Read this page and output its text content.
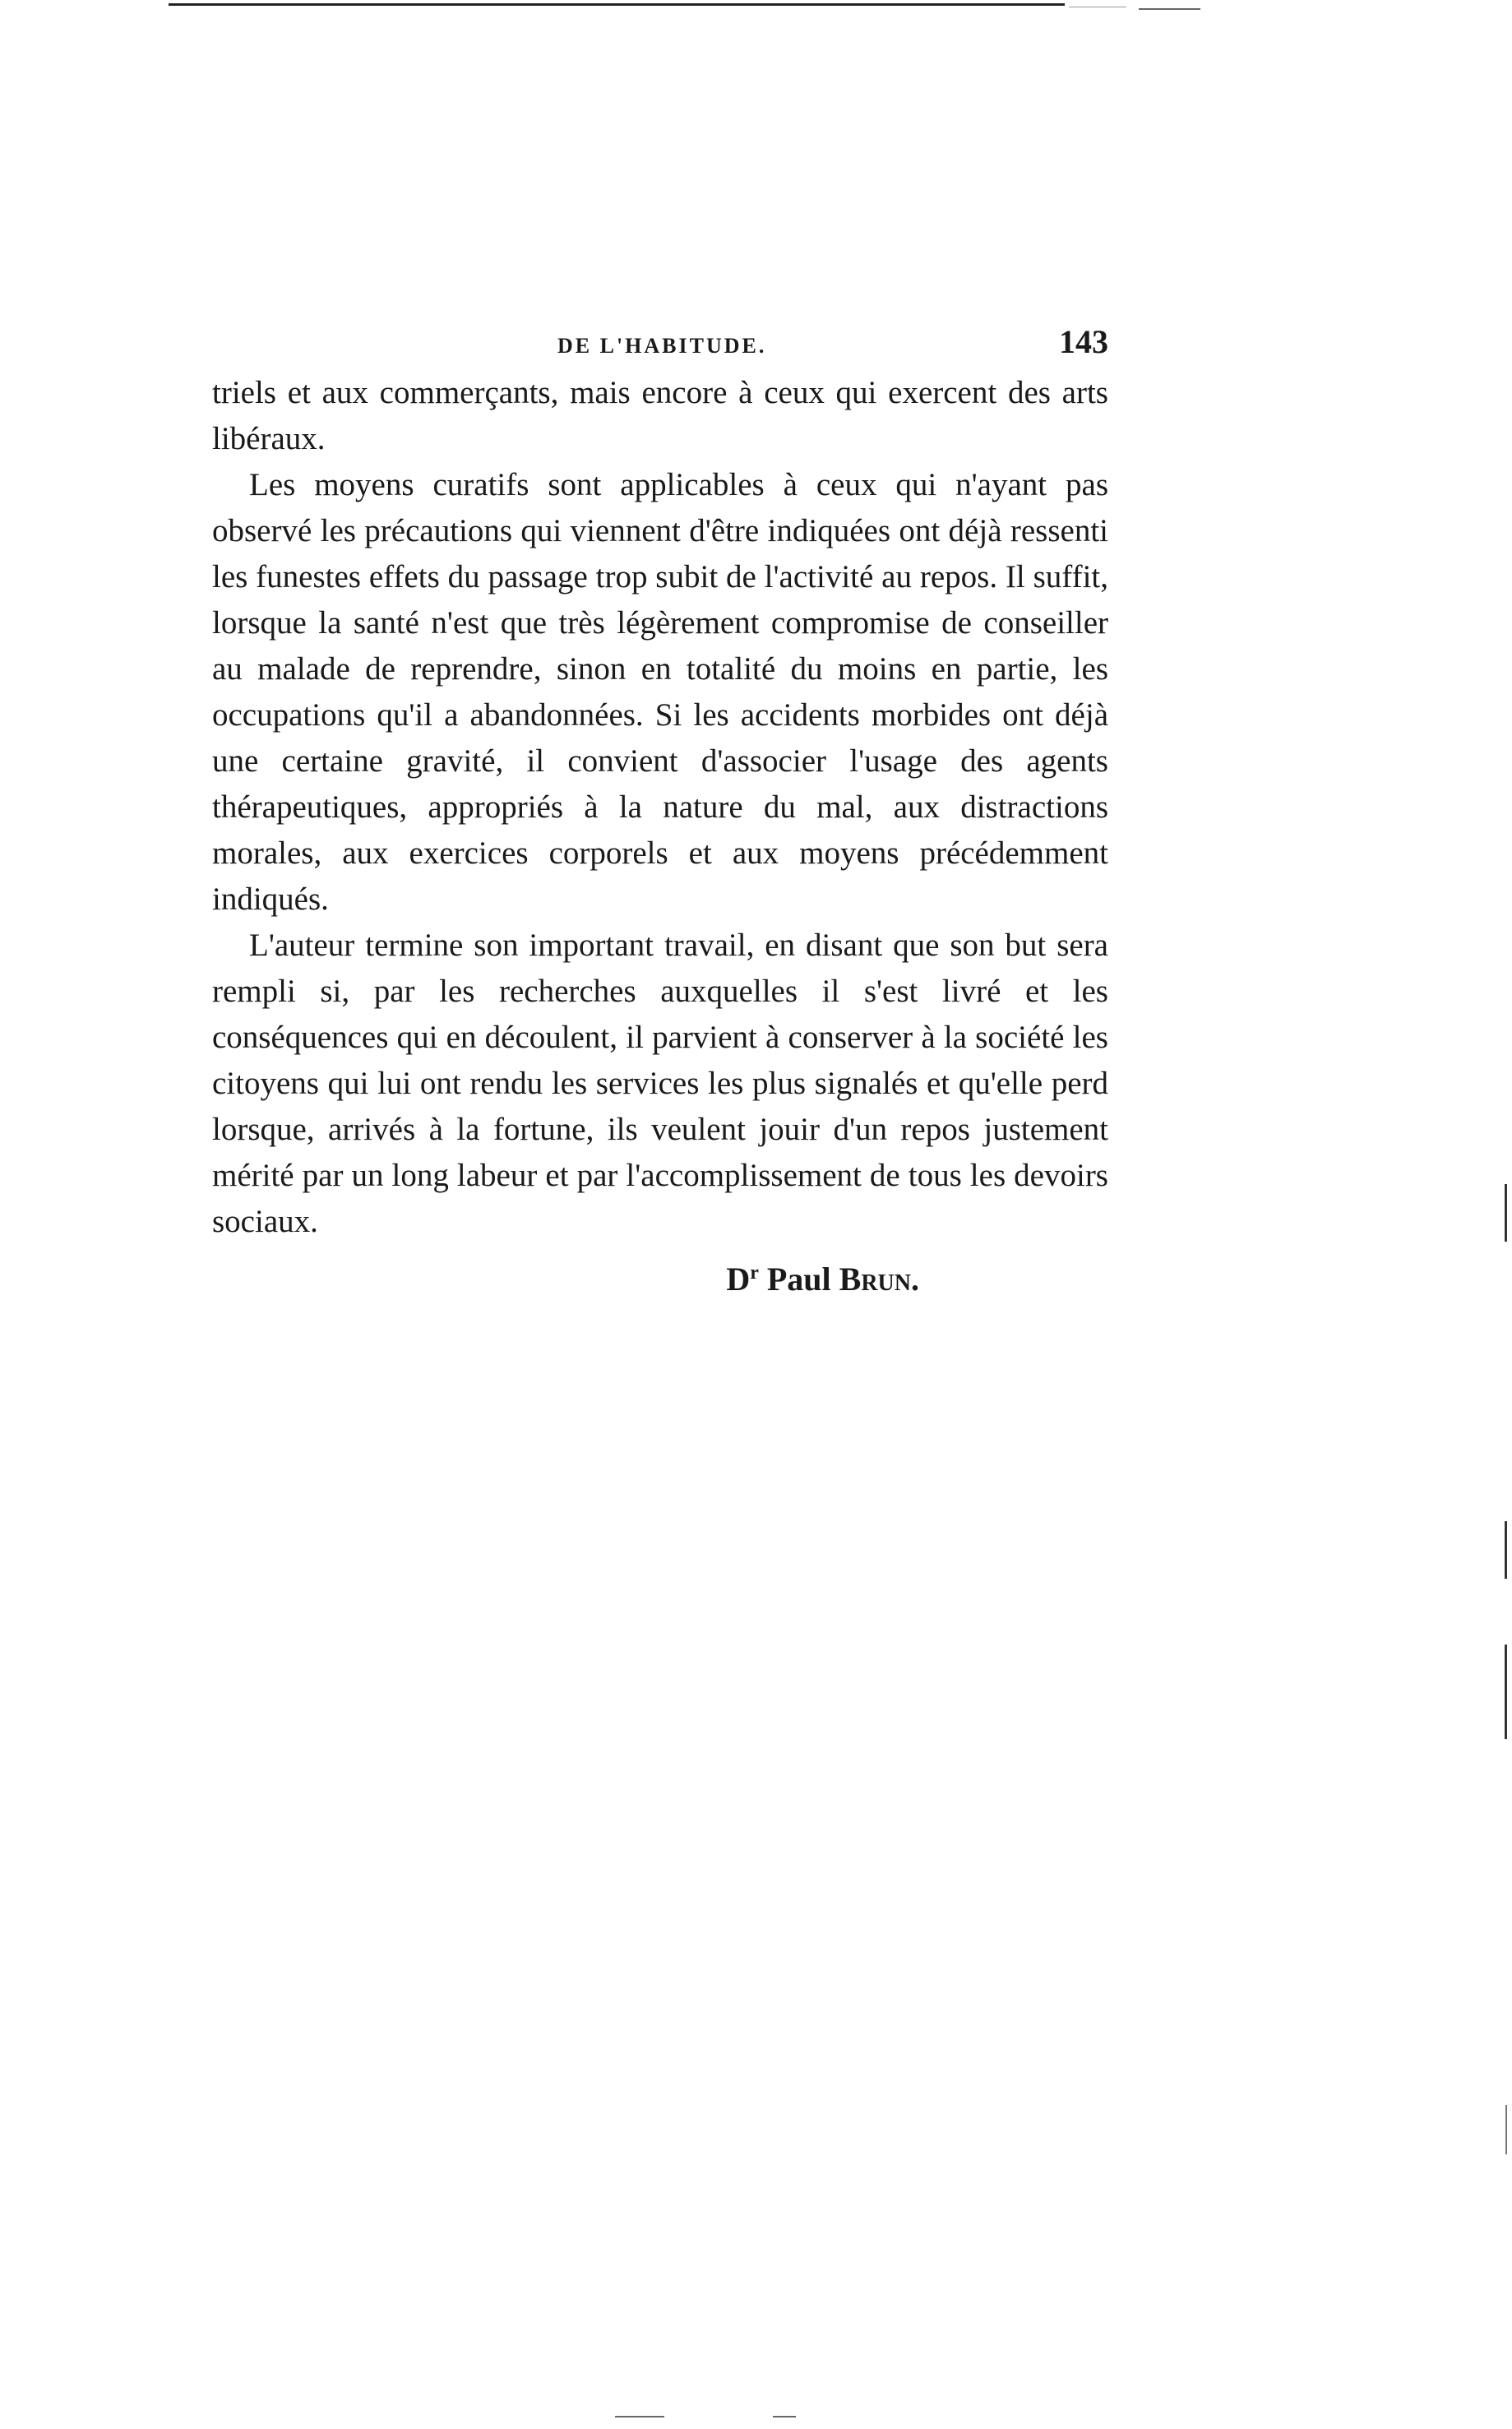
DE L'HABITUDE.	143

triels et aux commerçants, mais encore à ceux qui exercent des arts libéraux.

Les moyens curatifs sont applicables à ceux qui n'ayant pas observé les précautions qui viennent d'être indiquées ont déjà ressenti les funestes effets du passage trop subit de l'activité au repos. Il suffit, lorsque la santé n'est que très légèrement compromise de conseiller au malade de reprendre, sinon en totalité du moins en partie, les occupations qu'il a abandonnées. Si les accidents morbides ont déjà une certaine gravité, il convient d'associer l'usage des agents thérapeutiques, appropriés à la nature du mal, aux distractions morales, aux exercices corporels et aux moyens précédemment indiqués.

L'auteur termine son important travail, en disant que son but sera rempli si, par les recherches auxquelles il s'est livré et les conséquences qui en découlent, il parvient à conserver à la société les citoyens qui lui ont rendu les services les plus signalés et qu'elle perd lorsque, arrivés à la fortune, ils veulent jouir d'un repos justement mérité par un long labeur et par l'accomplissement de tous les devoirs sociaux.

$D^r$ Paul Brun.
